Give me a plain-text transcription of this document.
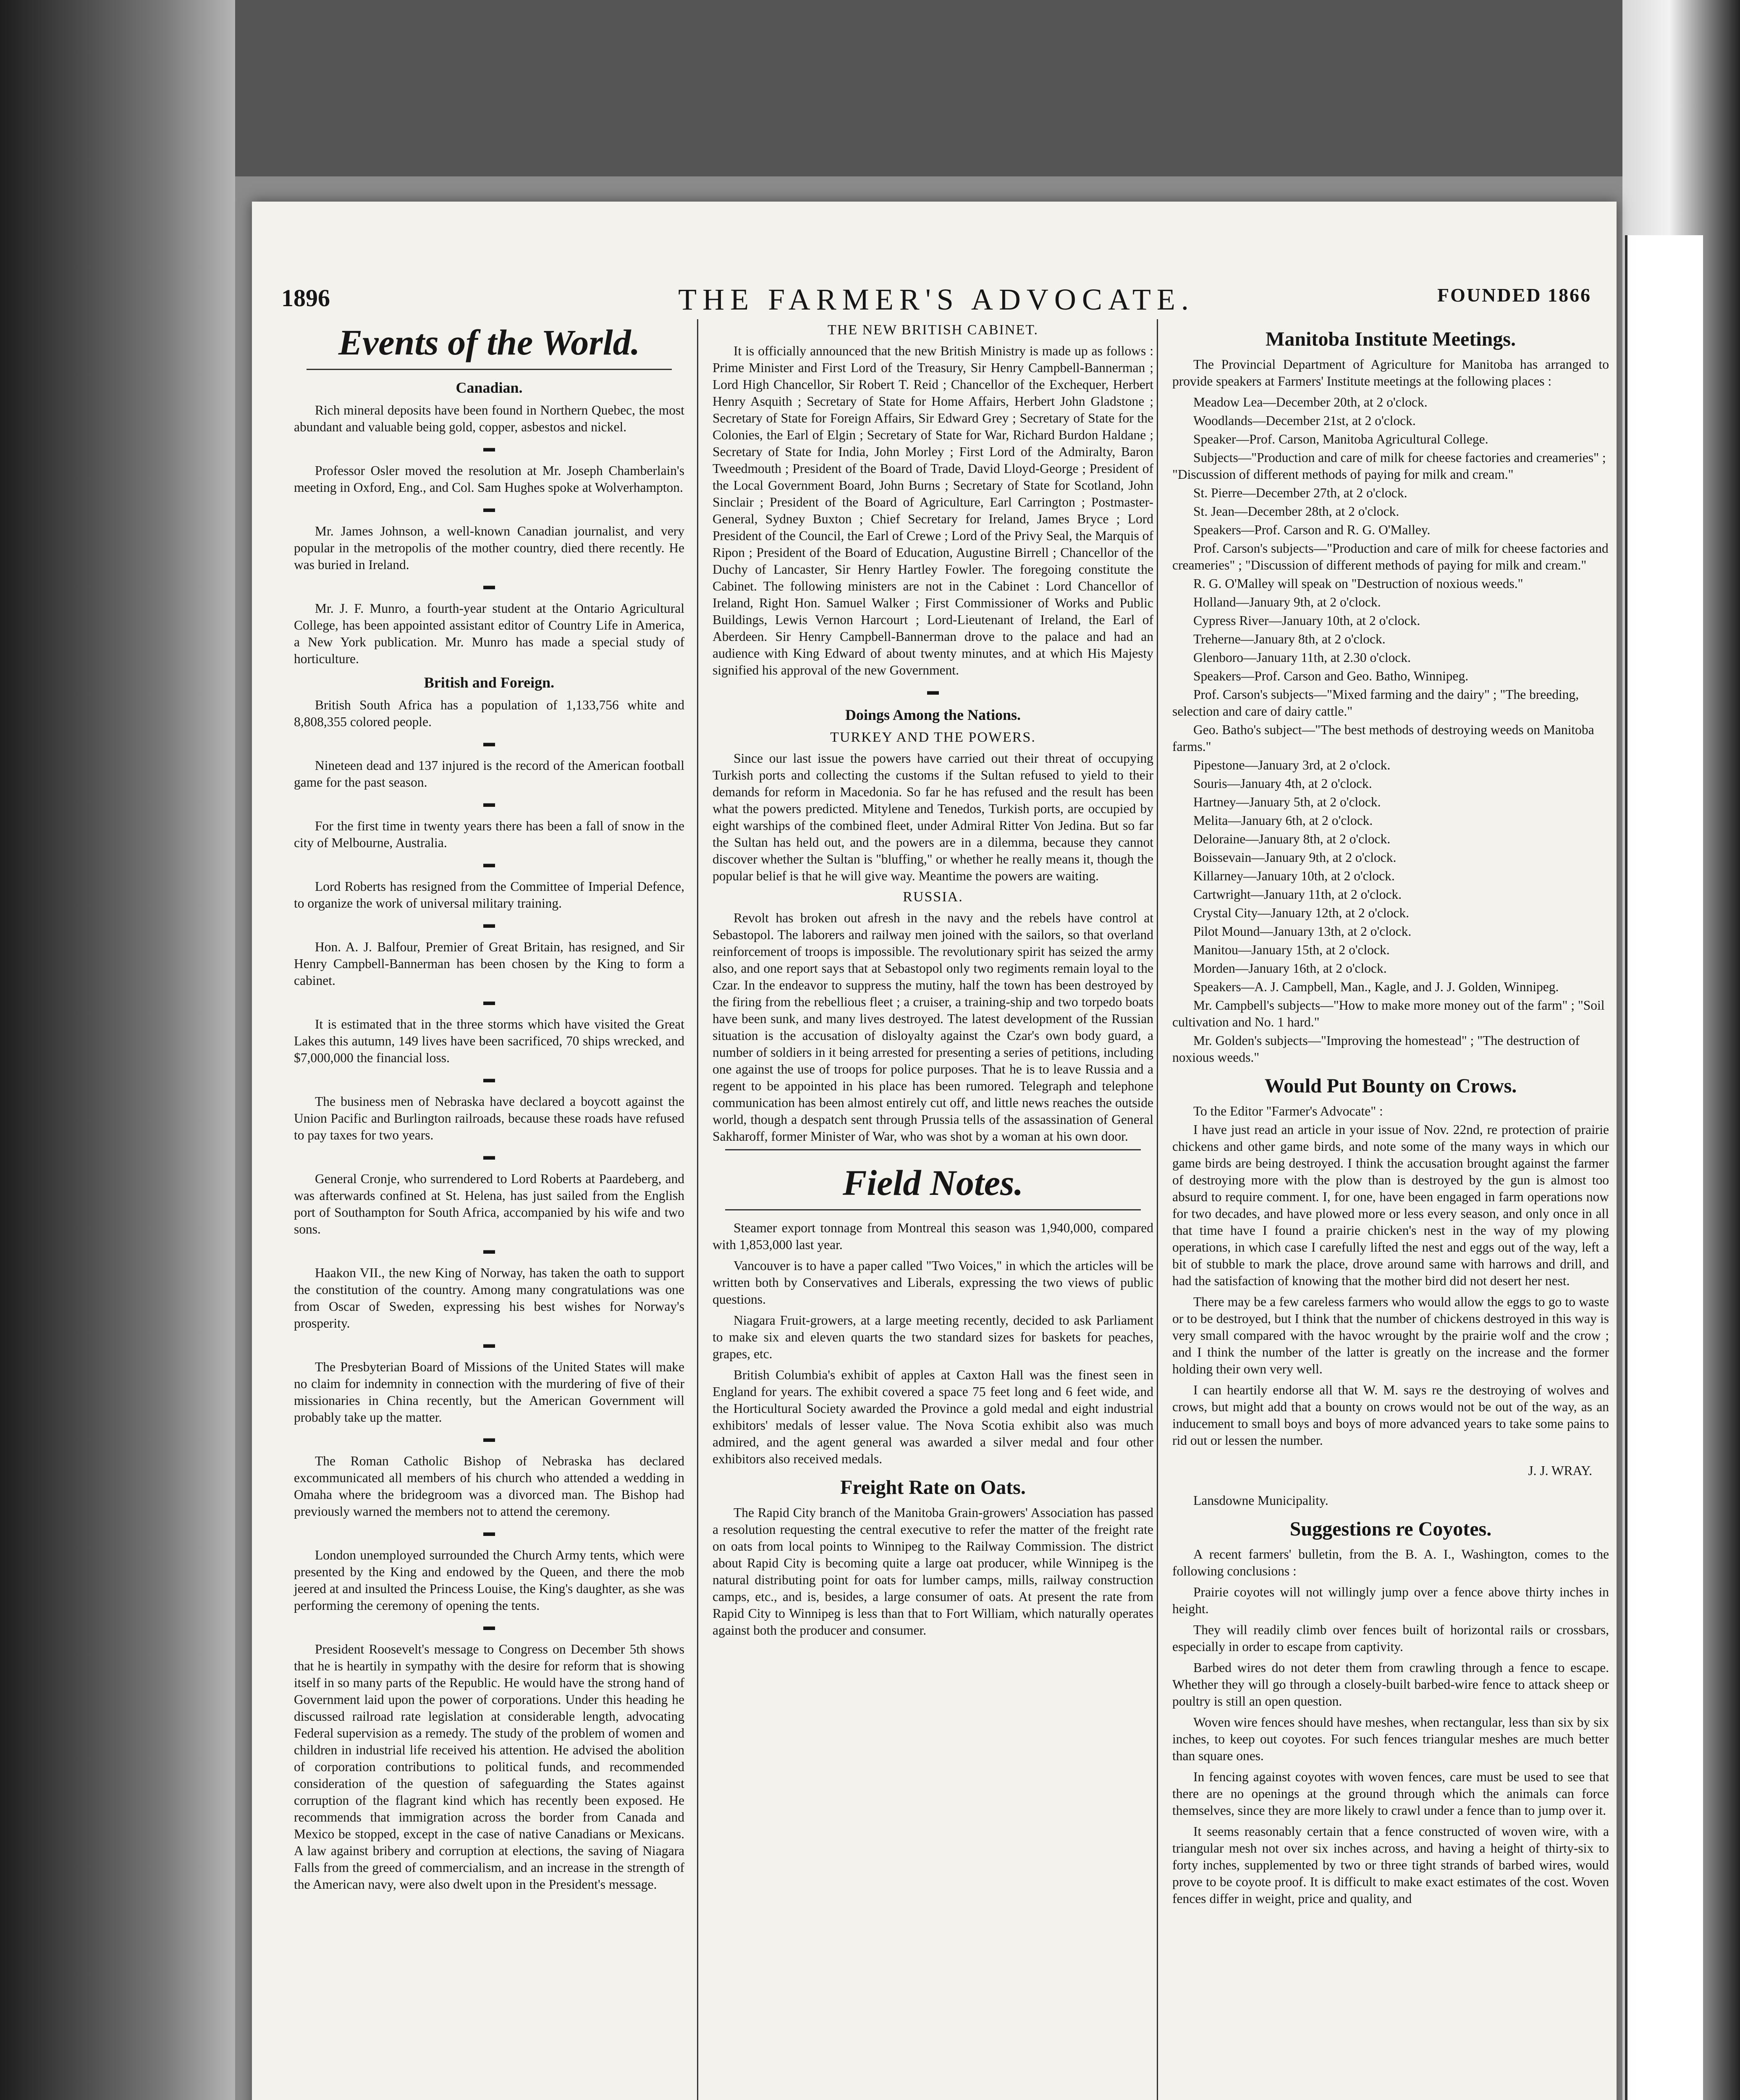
THE FARMER'S ADVOCATE.
1896	FOUNDED 1866
Events of the World.
Canadian.

Rich mineral deposits have been found in Northern Quebec, the most abundant and valuable being gold, copper, asbestos and nickel.

▬

Professor Osler moved the resolution at Mr. Joseph Chamberlain's meeting in Oxford, Eng., and Col. Sam Hughes spoke at Wolverhampton.

▬

Mr. James Johnson, a well-known Canadian journalist, and very popular in the metropolis of the mother country, died there recently. He was buried in Ireland.

▬

Mr. J. F. Munro, a fourth-year student at the Ontario Agricultural College, has been appointed assistant editor of Country Life in America, a New York publication. Mr. Munro has made a special study of horticulture.

British and Foreign.

British South Africa has a population of 1,133,756 white and 8,808,355 colored people.

▬

Nineteen dead and 137 injured is the record of the American football game for the past season.

▬

For the first time in twenty years there has been a fall of snow in the city of Melbourne, Australia.

▬

Lord Roberts has resigned from the Committee of Imperial Defence, to organize the work of universal military training.

▬

Hon. A. J. Balfour, Premier of Great Britain, has resigned, and Sir Henry Campbell-Bannerman has been chosen by the King to form a cabinet.

▬

It is estimated that in the three storms which have visited the Great Lakes this autumn, 149 lives have been sacrificed, 70 ships wrecked, and $7,000,000 the financial loss.

▬

The business men of Nebraska have declared a boycott against the Union Pacific and Burlington railroads, because these roads have refused to pay taxes for two years.

▬

General Cronje, who surrendered to Lord Roberts at Paardeberg, and was afterwards confined at St. Helena, has just sailed from the English port of Southampton for South Africa, accompanied by his wife and two sons.

▬

Haakon VII., the new King of Norway, has taken the oath to support the constitution of the country. Among many congratulations was one from Oscar of Sweden, expressing his best wishes for Norway's prosperity.

▬

The Presbyterian Board of Missions of the United States will make no claim for indemnity in connection with the murdering of five of their missionaries in China recently, but the American Government will probably take up the matter.

▬

The Roman Catholic Bishop of Nebraska has declared excommunicated all members of his church who attended a wedding in Omaha where the bridegroom was a divorced man. The Bishop had previously warned the members not to attend the ceremony.

▬

London unemployed surrounded the Church Army tents, which were presented by the King and endowed by the Queen, and there the mob jeered at and insulted the Princess Louise, the King's daughter, as she was performing the ceremony of opening the tents.

▬

President Roosevelt's message to Congress on December 5th shows that he is heartily in sympathy with the desire for reform that is showing itself in so many parts of the Republic. He would have the strong hand of Government laid upon the power of corporations. Under this heading he discussed railroad rate legislation at considerable length, advocating Federal supervision as a remedy. The study of the problem of women and children in industrial life received his attention. He advised the abolition of corporation contributions to political funds, and recommended consideration of the question of safeguarding the States against corruption of the flagrant kind which has recently been exposed. He recommends that immigration across the border from Canada and Mexico be stopped, except in the case of native Canadians or Mexicans. A law against bribery and corruption at elections, the saving of Niagara Falls from the greed of commercialism, and an increase in the strength of the American navy, were also dwelt upon in the President's message.

THE NEW BRITISH CABINET.

It is officially announced that the new British Ministry is made up as follows : Prime Minister and First Lord of the Treasury, Sir Henry Campbell-Bannerman ; Lord High Chancellor, Sir Robert T. Reid ; Chancellor of the Exchequer, Herbert Henry Asquith ; Secretary of State for Home Affairs, Herbert John Gladstone ; Secretary of State for Foreign Affairs, Sir Edward Grey ; Secretary of State for the Colonies, the Earl of Elgin ; Secretary of State for War, Richard Burdon Haldane ; Secretary of State for India, John Morley ; First Lord of the Admiralty, Baron Tweedmouth ; President of the Board of Trade, David Lloyd-George ; President of the Local Government Board, John Burns ; Secretary of State for Scotland, John Sinclair ; President of the Board of Agriculture, Earl Carrington ; Postmaster-General, Sydney Buxton ; Chief Secretary for Ireland, James Bryce ; Lord President of the Council, the Earl of Crewe ; Lord of the Privy Seal, the Marquis of Ripon ; President of the Board of Education, Augustine Birrell ; Chancellor of the Duchy of Lancaster, Sir Henry Hartley Fowler. The foregoing constitute the Cabinet. The following ministers are not in the Cabinet : Lord Chancellor of Ireland, Right Hon. Samuel Walker ; First Commissioner of Works and Public Buildings, Lewis Vernon Harcourt ; Lord-Lieutenant of Ireland, the Earl of Aberdeen. Sir Henry Campbell-Bannerman drove to the palace and had an audience with King Edward of about twenty minutes, and at which His Majesty signified his approval of the new Government.

▬
Doings Among the Nations.
TURKEY AND THE POWERS.

Since our last issue the powers have carried out their threat of occupying Turkish ports and collecting the customs if the Sultan refused to yield to their demands for reform in Macedonia. So far he has refused and the result has been what the powers predicted. Mitylene and Tenedos, Turkish ports, are occupied by eight warships of the combined fleet, under Admiral Ritter Von Jedina. But so far the Sultan has held out, and the powers are in a dilemma, because they cannot discover whether the Sultan is "bluffing," or whether he really means it, though the popular belief is that he will give way. Meantime the powers are waiting.

RUSSIA.

Revolt has broken out afresh in the navy and the rebels have control at Sebastopol. The laborers and railway men joined with the sailors, so that overland reinforcement of troops is impossible. The revolutionary spirit has seized the army also, and one report says that at Sebastopol only two regiments remain loyal to the Czar. In the endeavor to suppress the mutiny, half the town has been destroyed by the firing from the rebellious fleet ; a cruiser, a training-ship and two torpedo boats have been sunk, and many lives destroyed. The latest development of the Russian situation is the accusation of disloyalty against the Czar's own body guard, a number of soldiers in it being arrested for presenting a series of petitions, including one against the use of troops for police purposes. That he is to leave Russia and a regent to be appointed in his place has been rumored. Telegraph and telephone communication has been almost entirely cut off, and little news reaches the outside world, though a despatch sent through Prussia tells of the assassination of General Sakharoff, former Minister of War, who was shot by a woman at his own door.

Field Notes.

Steamer export tonnage from Montreal this season was 1,940,000, compared with 1,853,000 last year.

Vancouver is to have a paper called "Two Voices," in which the articles will be written both by Conservatives and Liberals, expressing the two views of public questions.

Niagara Fruit-growers, at a large meeting recently, decided to ask Parliament to make six and eleven quarts the two standard sizes for baskets for peaches, grapes, etc.

British Columbia's exhibit of apples at Caxton Hall was the finest seen in England for years. The exhibit covered a space 75 feet long and 6 feet wide, and the Horticultural Society awarded the Province a gold medal and eight industrial exhibitors' medals of lesser value. The Nova Scotia exhibit also was much admired, and the agent general was awarded a silver medal and four other exhibitors also received medals.

Freight Rate on Oats.

The Rapid City branch of the Manitoba Grain-growers' Association has passed a resolution requesting the central executive to refer the matter of the freight rate on oats from local points to Winnipeg to the Railway Commission. The district about Rapid City is becoming quite a large oat producer, while Winnipeg is the natural distributing point for oats for lumber camps, mills, railway construction camps, etc., and is, besides, a large consumer of oats. At present the rate from Rapid City to Winnipeg is less than that to Fort William, which naturally operates against both the producer and consumer.

Manitoba Institute Meetings.

The Provincial Department of Agriculture for Manitoba has arranged to provide speakers at Farmers' Institute meetings at the following places :

Meadow Lea—December 20th, at 2 o'clock.

Woodlands—December 21st, at 2 o'clock.

Speaker—Prof. Carson, Manitoba Agricultural College.

Subjects—"Production and care of milk for cheese factories and creameries" ; "Discussion of different methods of paying for milk and cream."

St. Pierre—December 27th, at 2 o'clock.

St. Jean—December 28th, at 2 o'clock.

Speakers—Prof. Carson and R. G. O'Malley.

Prof. Carson's subjects—"Production and care of milk for cheese factories and creameries" ; "Discussion of different methods of paying for milk and cream."

R. G. O'Malley will speak on "Destruction of noxious weeds."

Holland—January 9th, at 2 o'clock.

Cypress River—January 10th, at 2 o'clock.

Treherne—January 8th, at 2 o'clock.

Glenboro—January 11th, at 2.30 o'clock.

Speakers—Prof. Carson and Geo. Batho, Winnipeg.

Prof. Carson's subjects—"Mixed farming and the dairy" ; "The breeding, selection and care of dairy cattle."

Geo. Batho's subject—"The best methods of destroying weeds on Manitoba farms."

Pipestone—January 3rd, at 2 o'clock.

Souris—January 4th, at 2 o'clock.

Hartney—January 5th, at 2 o'clock.

Melita—January 6th, at 2 o'clock.

Deloraine—January 8th, at 2 o'clock.

Boissevain—January 9th, at 2 o'clock.

Killarney—January 10th, at 2 o'clock.

Cartwright—January 11th, at 2 o'clock.

Crystal City—January 12th, at 2 o'clock.

Pilot Mound—January 13th, at 2 o'clock.

Manitou—January 15th, at 2 o'clock.

Morden—January 16th, at 2 o'clock.

Speakers—A. J. Campbell, Man., Kagle, and J. J. Golden, Winnipeg.

Mr. Campbell's subjects—"How to make more money out of the farm" ; "Soil cultivation and No. 1 hard."

Mr. Golden's subjects—"Improving the homestead" ; "The destruction of noxious weeds."

Would Put Bounty on Crows.

To the Editor "Farmer's Advocate" :

I have just read an article in your issue of Nov. 22nd, re protection of prairie chickens and other game birds, and note some of the many ways in which our game birds are being destroyed. I think the accusation brought against the farmer of destroying more with the plow than is destroyed by the gun is almost too absurd to require comment. I, for one, have been engaged in farm operations now for two decades, and have plowed more or less every season, and only once in all that time have I found a prairie chicken's nest in the way of my plowing operations, in which case I carefully lifted the nest and eggs out of the way, left a bit of stubble to mark the place, drove around same with harrows and drill, and had the satisfaction of knowing that the mother bird did not desert her nest.

There may be a few careless farmers who would allow the eggs to go to waste or to be destroyed, but I think that the number of chickens destroyed in this way is very small compared with the havoc wrought by the prairie wolf and the crow ; and I think the number of the latter is greatly on the increase and the former holding their own very well.

I can heartily endorse all that W. M. says re the destroying of wolves and crows, but might add that a bounty on crows would not be out of the way, as an inducement to small boys and boys of more advanced years to take some pains to rid out or lessen the number.

J. J. WRAY.

Lansdowne Municipality.

Suggestions re Coyotes.

A recent farmers' bulletin, from the B. A. I., Washington, comes to the following conclusions :

Prairie coyotes will not willingly jump over a fence above thirty inches in height.

They will readily climb over fences built of horizontal rails or crossbars, especially in order to escape from captivity.

Barbed wires do not deter them from crawling through a fence to escape. Whether they will go through a closely-built barbed-wire fence to attack sheep or poultry is still an open question.

Woven wire fences should have meshes, when rectangular, less than six by six inches, to keep out coyotes. For such fences triangular meshes are much better than square ones.

In fencing against coyotes with woven fences, care must be used to see that there are no openings at the ground through which the animals can force themselves, since they are more likely to crawl under a fence than to jump over it.

It seems reasonably certain that a fence constructed of woven wire, with a triangular mesh not over six inches across, and having a height of thirty-six to forty inches, supplemented by two or three tight strands of barbed wires, would prove to be coyote proof. It is difficult to make exact estimates of the cost. Woven fences differ in weight, price and quality, and
